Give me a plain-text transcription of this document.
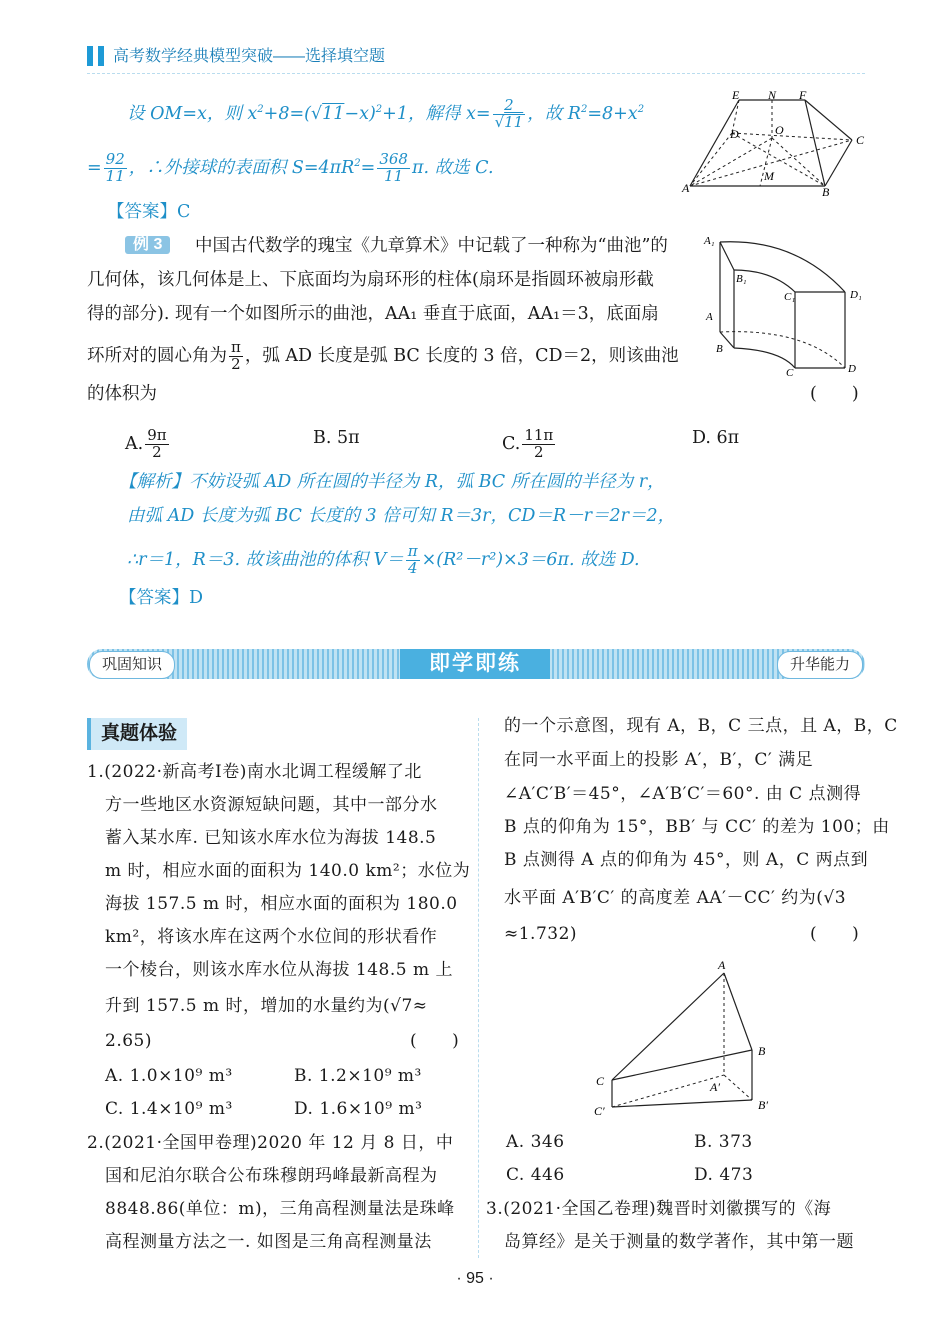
高考数学经典模型突破——选择填空题
设 OM=x，则 $x^2+8=(√11-x)^2+1$，解得 $x= \frac{2}{√11}$ ，故 $R^2=8+x^2$
= $\frac{92}{11}$ ，∴外接球的表面积 $S=4\pi R^2= \frac{368}{11} \pi$. 故选 C.
【答案】C
E N F
D	O
C
M
A	B
例 3	中国古代数学的瑰宝《九章算术》中记载了一种称为“曲池”的
几何体，该几何体是上、下底面均为扇环形的柱体(扇环是指圆环被扇形截
得的部分). 现有一个如图所示的曲池，AA₁ 垂直于底面，AA₁＝3，底面扇
环所对的圆心角为 $\frac{\pi}{2}$ ，弧 AD 长度是弧 BC 长度的 3 倍，CD＝2，则该曲池
的体积为	(　　)
A₁
B₁
C₁	D₁
A
B
C	D
A. $\frac{9\pi}{2}$	B. 5π	C. $\frac{11\pi}{2}$	D. 6π
【解析】不妨设弧 AD 所在圆的半径为 R，弧 BC 所在圆的半径为 r，
由弧 AD 长度为弧 BC 长度的 3 倍可知 R＝3r，CD＝R－r＝2r＝2，
∴r＝1，R＝3. 故该曲池的体积 $V= \frac{\pi}{4} \times(R^2-r^2)\times 3=6\pi$. 故选 D.
【答案】D
即学即练
巩固知识	升华能力
真题体验
1.(2022·新高考Ⅰ卷)南水北调工程缓解了北
方一些地区水资源短缺问题，其中一部分水
蓄入某水库. 已知该水库水位为海拔 148.5
m 时，相应水面的面积为 140.0 km²；水位为
海拔 157.5 m 时，相应水面的面积为 180.0
km²，将该水库在这两个水位间的形状看作
一个棱台，则该水库水位从海拔 148.5 m 上
升到 157.5 m 时，增加的水量约为(√7≈
2.65)	(　　)
A. 1.0×10⁹ m³	B. 1.2×10⁹ m³
C. 1.4×10⁹ m³	D. 1.6×10⁹ m³
2.(2021·全国甲卷理)2020 年 12 月 8 日，中
国和尼泊尔联合公布珠穆朗玛峰最新高程为
8848.86(单位：m)，三角高程测量法是珠峰
高程测量方法之一. 如图是三角高程测量法
的一个示意图，现有 A，B，C 三点，且 A，B，C
在同一水平面上的投影 A′，B′，C′ 满足
∠A′C′B′＝45°，∠A′B′C′＝60°. 由 C 点测得
B 点的仰角为 15°，BB′ 与 CC′ 的差为 100；由
B 点测得 A 点的仰角为 45°，则 A，C 两点到
水平面 A′B′C′ 的高度差 AA′－CC′ 约为(√3
≈1.732)	(　　)
A
B
C	A′
B′
C′
A. 346	B. 373
C. 446	D. 473
3.(2021·全国乙卷理)魏晋时刘徽撰写的《海
岛算经》是关于测量的数学著作，其中第一题
· 95 ·
